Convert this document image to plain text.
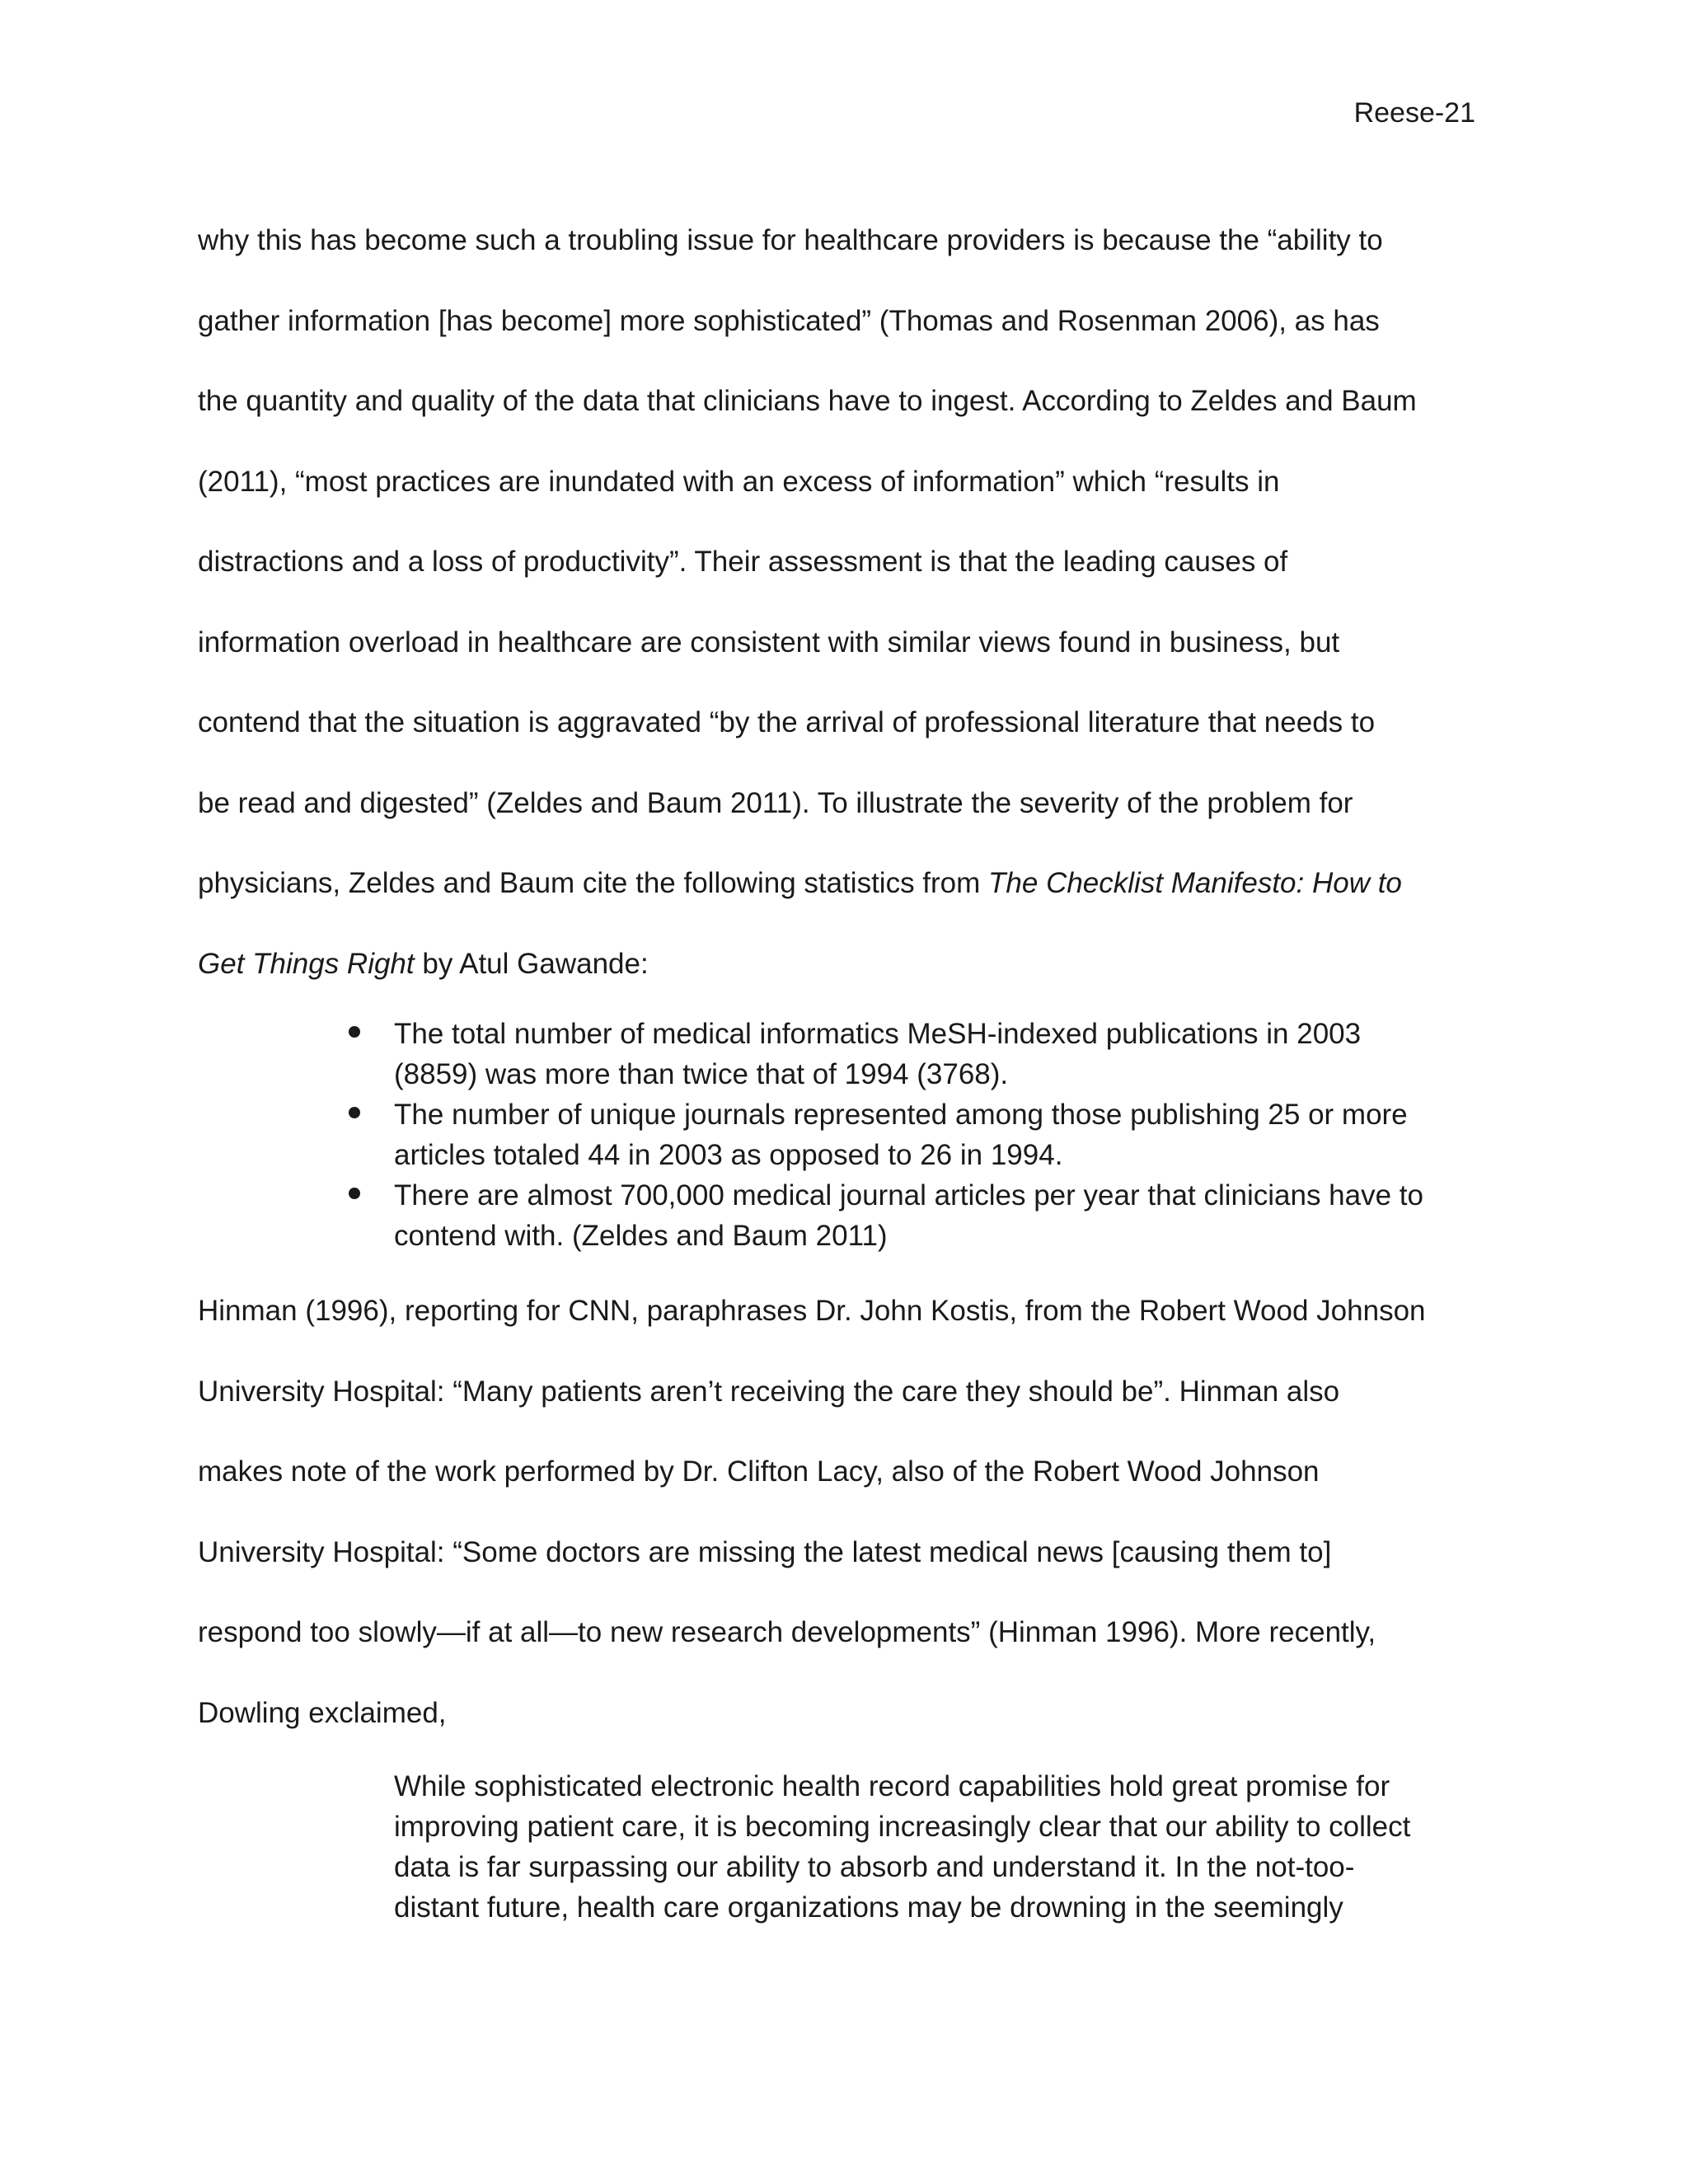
Reese-21
why this has become such a troubling issue for healthcare providers is because the “ability to
gather information [has become] more sophisticated” (Thomas and Rosenman 2006), as has
the quantity and quality of the data that clinicians have to ingest. According to Zeldes and Baum
(2011), “most practices are inundated with an excess of information” which “results in
distractions and a loss of productivity”. Their assessment is that the leading causes of
information overload in healthcare are consistent with similar views found in business, but
contend that the situation is aggravated “by the arrival of professional literature that needs to
be read and digested” (Zeldes and Baum 2011). To illustrate the severity of the problem for
physicians, Zeldes and Baum cite the following statistics from The Checklist Manifesto: How to
Get Things Right by Atul Gawande:
The total number of medical informatics MeSH-indexed publications in 2003
(8859) was more than twice that of 1994 (3768).
The number of unique journals represented among those publishing 25 or more
articles totaled 44 in 2003 as opposed to 26 in 1994.
There are almost 700,000 medical journal articles per year that clinicians have to
contend with. (Zeldes and Baum 2011)
Hinman (1996), reporting for CNN, paraphrases Dr. John Kostis, from the Robert Wood Johnson
University Hospital: “Many patients aren’t receiving the care they should be”. Hinman also
makes note of the work performed by Dr. Clifton Lacy, also of the Robert Wood Johnson
University Hospital: “Some doctors are missing the latest medical news [causing them to]
respond too slowly—if at all—to new research developments” (Hinman 1996). More recently,
Dowling exclaimed,
While sophisticated electronic health record capabilities hold great promise for
improving patient care, it is becoming increasingly clear that our ability to collect
data is far surpassing our ability to absorb and understand it. In the not-too-
distant future, health care organizations may be drowning in the seemingly
